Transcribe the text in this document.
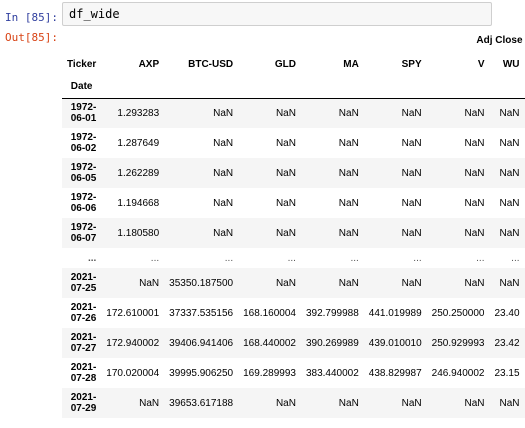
In [85]: df_wide
Out[85]:
		Adj Close						
Ticker	AXP	BTC-USD	GLD	MA	SPY	V	WU
Date							
1972-
06-01	1.293283	NaN	NaN	NaN	NaN	NaN	NaN
1972-
06-02	1.287649	NaN	NaN	NaN	NaN	NaN	NaN
1972-
06-05	1.262289	NaN	NaN	NaN	NaN	NaN	NaN
1972-
06-06	1.194668	NaN	NaN	NaN	NaN	NaN	NaN
1972-
06-07	1.180580	NaN	NaN	NaN	NaN	NaN	NaN
...	...	...	...	...	...	...	...
2021-
07-25	NaN	35350.187500	NaN	NaN	NaN	NaN	NaN
2021-
07-26	172.610001	37337.535156	168.160004	392.799988	441.019989	250.250000	23.40
2021-
07-27	172.940002	39406.941406	168.440002	390.269989	439.010010	250.929993	23.42
2021-
07-28	170.020004	39995.906250	169.289993	383.440002	438.829987	246.940002	23.15
2021-
07-29	NaN	39653.617188	NaN	NaN	NaN	NaN	NaN
